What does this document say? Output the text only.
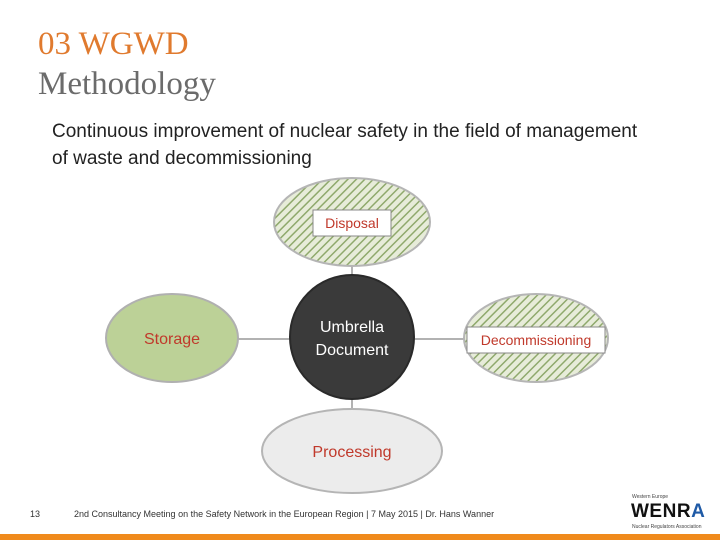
03 WGWD
Methodology
Continuous improvement of nuclear safety in the field of management of waste and decommissioning
Disposal
Storage	Decommissioning
Umbrella
Document
Processing
13	2nd Consultancy Meeting on the Safety Network in the European Region | 7 May 2015 | Dr. Hans Wanner
Western Europe
WENRA
Nuclear Regulators Association
